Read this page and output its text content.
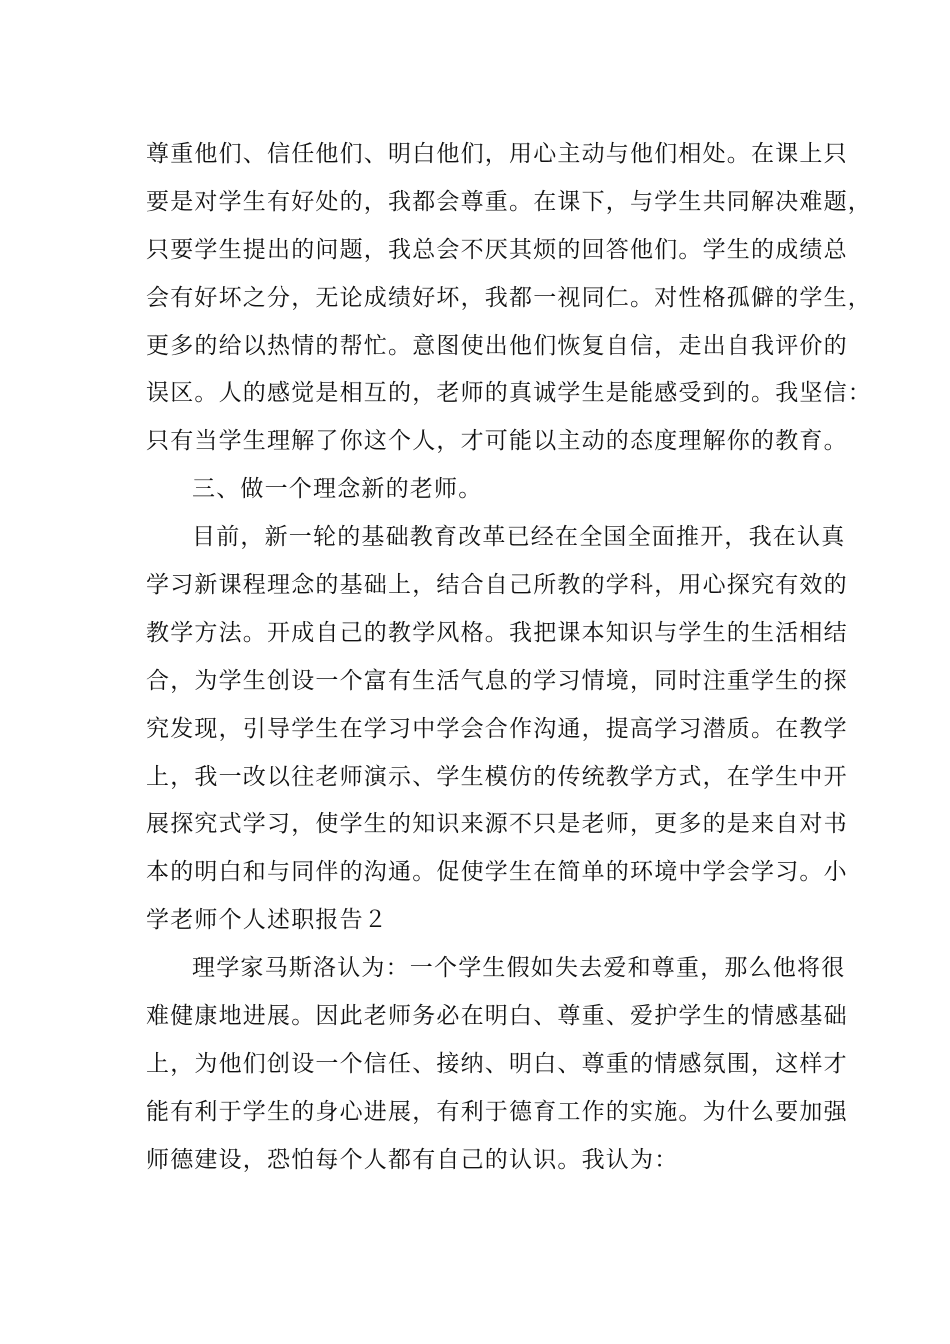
尊重他们、信任他们、明白他们，用心主动与他们相处。在课上只
要是对学生有好处的，我都会尊重。在课下，与学生共同解决难题，
只要学生提出的问题，我总会不厌其烦的回答他们。学生的成绩总
会有好坏之分，无论成绩好坏，我都一视同仁。对性格孤僻的学生，
更多的给以热情的帮忙。意图使出他们恢复自信，走出自我评价的
误区。人的感觉是相互的，老师的真诚学生是能感受到的。我坚信：
只有当学生理解了你这个人，才可能以主动的态度理解你的教育。
三、做一个理念新的老师。
目前，新一轮的基础教育改革已经在全国全面推开，我在认真
学习新课程理念的基础上，结合自己所教的学科，用心探究有效的
教学方法。开成自己的教学风格。我把课本知识与学生的生活相结
合，为学生创设一个富有生活气息的学习情境，同时注重学生的探
究发现，引导学生在学习中学会合作沟通，提高学习潜质。在教学
上，我一改以往老师演示、学生模仿的传统教学方式，在学生中开
展探究式学习，使学生的知识来源不只是老师，更多的是来自对书
本的明白和与同伴的沟通。促使学生在简单的环境中学会学习。小
学老师个人述职报告２
理学家马斯洛认为：一个学生假如失去爱和尊重，那么他将很
难健康地进展。因此老师务必在明白、尊重、爱护学生的情感基础
上，为他们创设一个信任、接纳、明白、尊重的情感氛围，这样才
能有利于学生的身心进展，有利于德育工作的实施。为什么要加强
师德建设，恐怕每个人都有自己的认识。我认为：
